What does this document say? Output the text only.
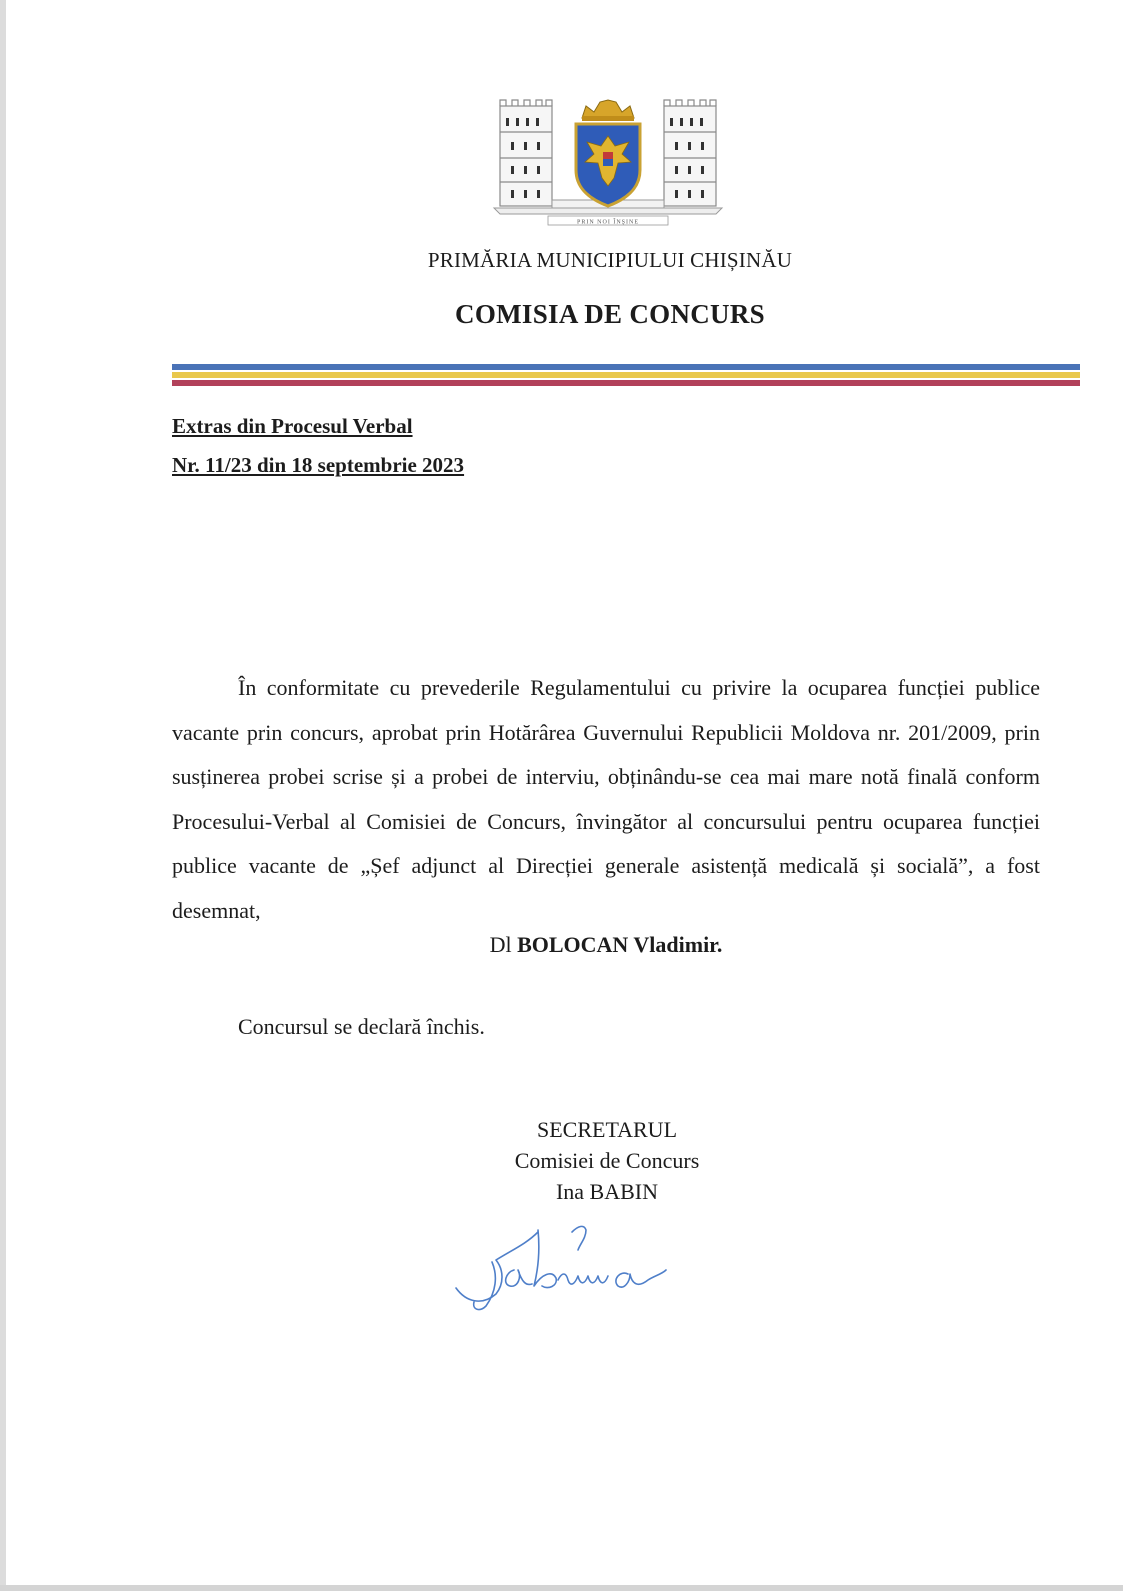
PRIN NOI ÎNȘINE
PRIMĂRIA MUNICIPIULUI CHIȘINĂU
COMISIA DE CONCURS
Extras din Procesul Verbal
Nr. 11/23 din 18 septembrie 2023
În conformitate cu prevederile Regulamentului cu privire la ocuparea funcției publice vacante prin concurs, aprobat prin Hotărârea Guvernului Republicii Moldova nr. 201/2009, prin susținerea probei scrise și a probei de interviu, obținându-se cea mai mare notă finală conform Procesului-Verbal al Comisiei de Concurs, învingător al concursului pentru ocuparea funcției publice vacante de „Șef adjunct al Direcției generale asistență medicală și socială”, a fost desemnat,
Dl BOLOCAN Vladimir.
Concursul se declară închis.
SECRETARUL
Comisiei de Concurs
Ina BABIN
